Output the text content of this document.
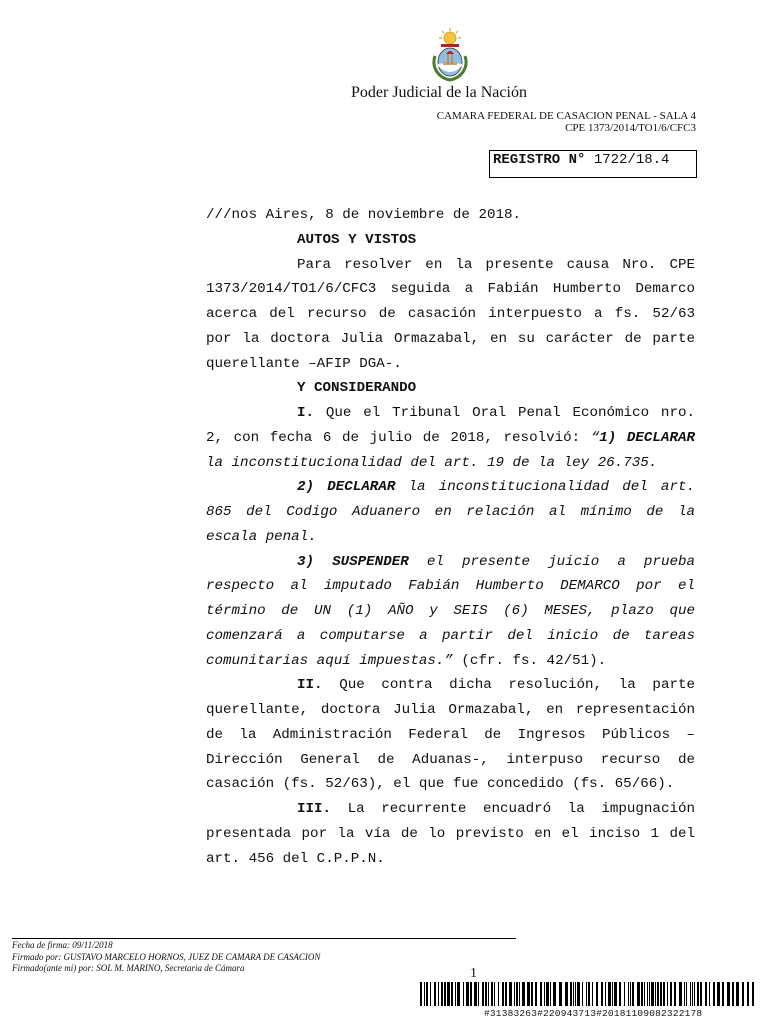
Poder Judicial de la Nación
CAMARA FEDERAL DE CASACION PENAL - SALA 4
CPE 1373/2014/TO1/6/CFC3
REGISTRO N° 1722/18.4

///nos Aires, 8 de noviembre de 2018.

AUTOS Y VISTOS

Para resolver en la presente causa Nro. CPE 1373/2014/TO1/6/CFC3 seguida a Fabián Humberto Demarco acerca del recurso de casación interpuesto a fs. 52/63 por la doctora Julia Ormazabal, en su carácter de parte querellante –AFIP DGA-.

Y CONSIDERANDO

I. Que el Tribunal Oral Penal Económico nro. 2, con fecha 6 de julio de 2018, resolvió: “1) DECLARAR la inconstitucionalidad del art. 19 de la ley 26.735.

2) DECLARAR la inconstitucionalidad del art. 865 del Codigo Aduanero en relación al mínimo de la escala penal.

3) SUSPENDER el presente juicio a prueba respecto al imputado Fabián Humberto DEMARCO por el término de UN (1) AÑO y SEIS (6) MESES, plazo que comenzará a computarse a partir del inicio de tareas comunitarias aquí impuestas.” (cfr. fs. 42/51).

II. Que contra dicha resolución, la parte querellante, doctora Julia Ormazabal, en representación de la Administración Federal de Ingresos Públicos –Dirección General de Aduanas-, interpuso recurso de casación (fs. 52/63), el que fue concedido (fs. 65/66).

III. La recurrente encuadró la impugnación presentada por la vía de lo previsto en el inciso 1 del art. 456 del C.P.P.N.

Fecha de firma: 09/11/2018
Firmado por: GUSTAVO MARCELO HORNOS, JUEZ DE CAMARA DE CASACION
Firmado(ante mi) por: SOL M. MARINO, Secretaria de Cámara	1
#31383263#220943713#20181109082322178
